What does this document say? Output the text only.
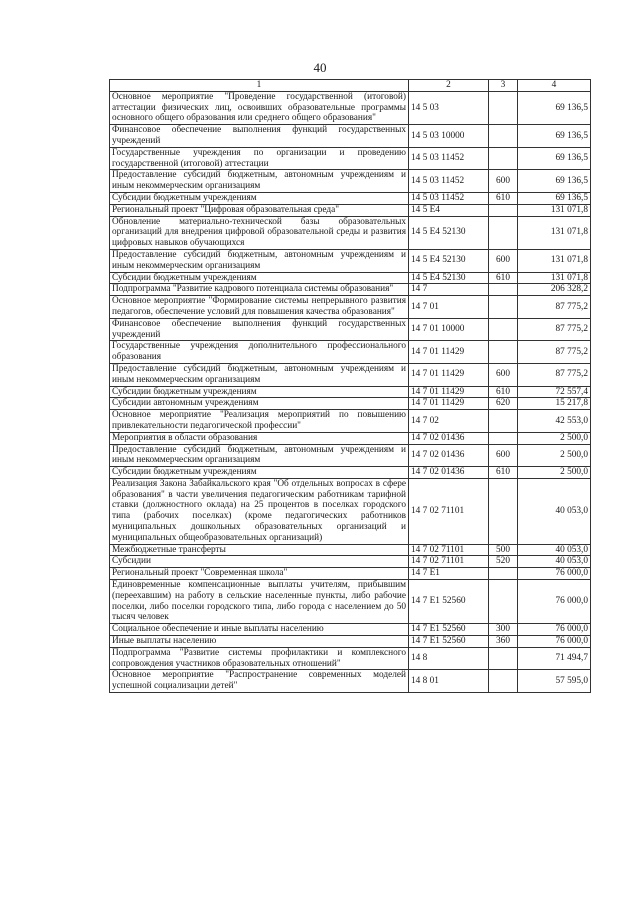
40
1	2	3	4
Основное мероприятие "Проведение государственной (итоговой) аттестации физических лиц, освоивших образовательные программы основного общего образования или среднего общего образования"	14 5 03		69 136,5
Финансовое обеспечение выполнения функций государственных учреждений	14 5 03 10000		69 136,5
Государственные учреждения по организации и проведению государственной (итоговой) аттестации	14 5 03 11452		69 136,5
Предоставление субсидий бюджетным, автономным учреждениям и иным некоммерческим организациям	14 5 03 11452	600	69 136,5
Субсидии бюджетным учреждениям	14 5 03 11452	610	69 136,5
Региональный проект "Цифровая образовательная среда"	14 5 E4		131 071,8
Обновление материально-технической базы образовательных организаций для внедрения цифровой образовательной среды и развития цифровых навыков обучающихся	14 5 E4 52130		131 071,8
Предоставление субсидий бюджетным, автономным учреждениям и иным некоммерческим организациям	14 5 E4 52130	600	131 071,8
Субсидии бюджетным учреждениям	14 5 E4 52130	610	131 071,8
Подпрограмма "Развитие кадрового потенциала системы образования"	14 7		206 328,2
Основное мероприятие "Формирование системы непрерывного развития педагогов, обеспечение условий для повышения качества образования"	14 7 01		87 775,2
Финансовое обеспечение выполнения функций государственных учреждений	14 7 01 10000		87 775,2
Государственные учреждения дополнительного профессионального образования	14 7 01 11429		87 775,2
Предоставление субсидий бюджетным, автономным учреждениям и иным некоммерческим организациям	14 7 01 11429	600	87 775,2
Субсидии бюджетным учреждениям	14 7 01 11429	610	72 557,4
Субсидии автономным учреждениям	14 7 01 11429	620	15 217,8
Основное мероприятие "Реализация мероприятий по повышению привлекательности педагогической профессии"	14 7 02		42 553,0
Мероприятия в области образования	14 7 02 01436		2 500,0
Предоставление субсидий бюджетным, автономным учреждениям и иным некоммерческим организациям	14 7 02 01436	600	2 500,0
Субсидии бюджетным учреждениям	14 7 02 01436	610	2 500,0
Реализация Закона Забайкальского края "Об отдельных вопросах в сфере образования" в части увеличения педагогическим работникам тарифной ставки (должностного оклада) на 25 процентов в поселках городского типа (рабочих поселках) (кроме педагогических работников муниципальных дошкольных образовательных организаций и муниципальных общеобразовательных организаций)	14 7 02 71101		40 053,0
Межбюджетные трансферты	14 7 02 71101	500	40 053,0
Субсидии	14 7 02 71101	520	40 053,0
Региональный проект "Современная школа"	14 7 E1		76 000,0
Единовременные компенсационные выплаты учителям, прибывшим (переехавшим) на работу в сельские населенные пункты, либо рабочие поселки, либо поселки городского типа, либо города с населением до 50 тысяч человек	14 7 E1 52560		76 000,0
Социальное обеспечение и иные выплаты населению	14 7 E1 52560	300	76 000,0
Иные выплаты населению	14 7 E1 52560	360	76 000,0
Подпрограмма "Развитие системы профилактики и комплексного сопровождения участников образовательных отношений"	14 8		71 494,7
Основное мероприятие "Распространение современных моделей успешной социализации детей"	14 8 01		57 595,0
